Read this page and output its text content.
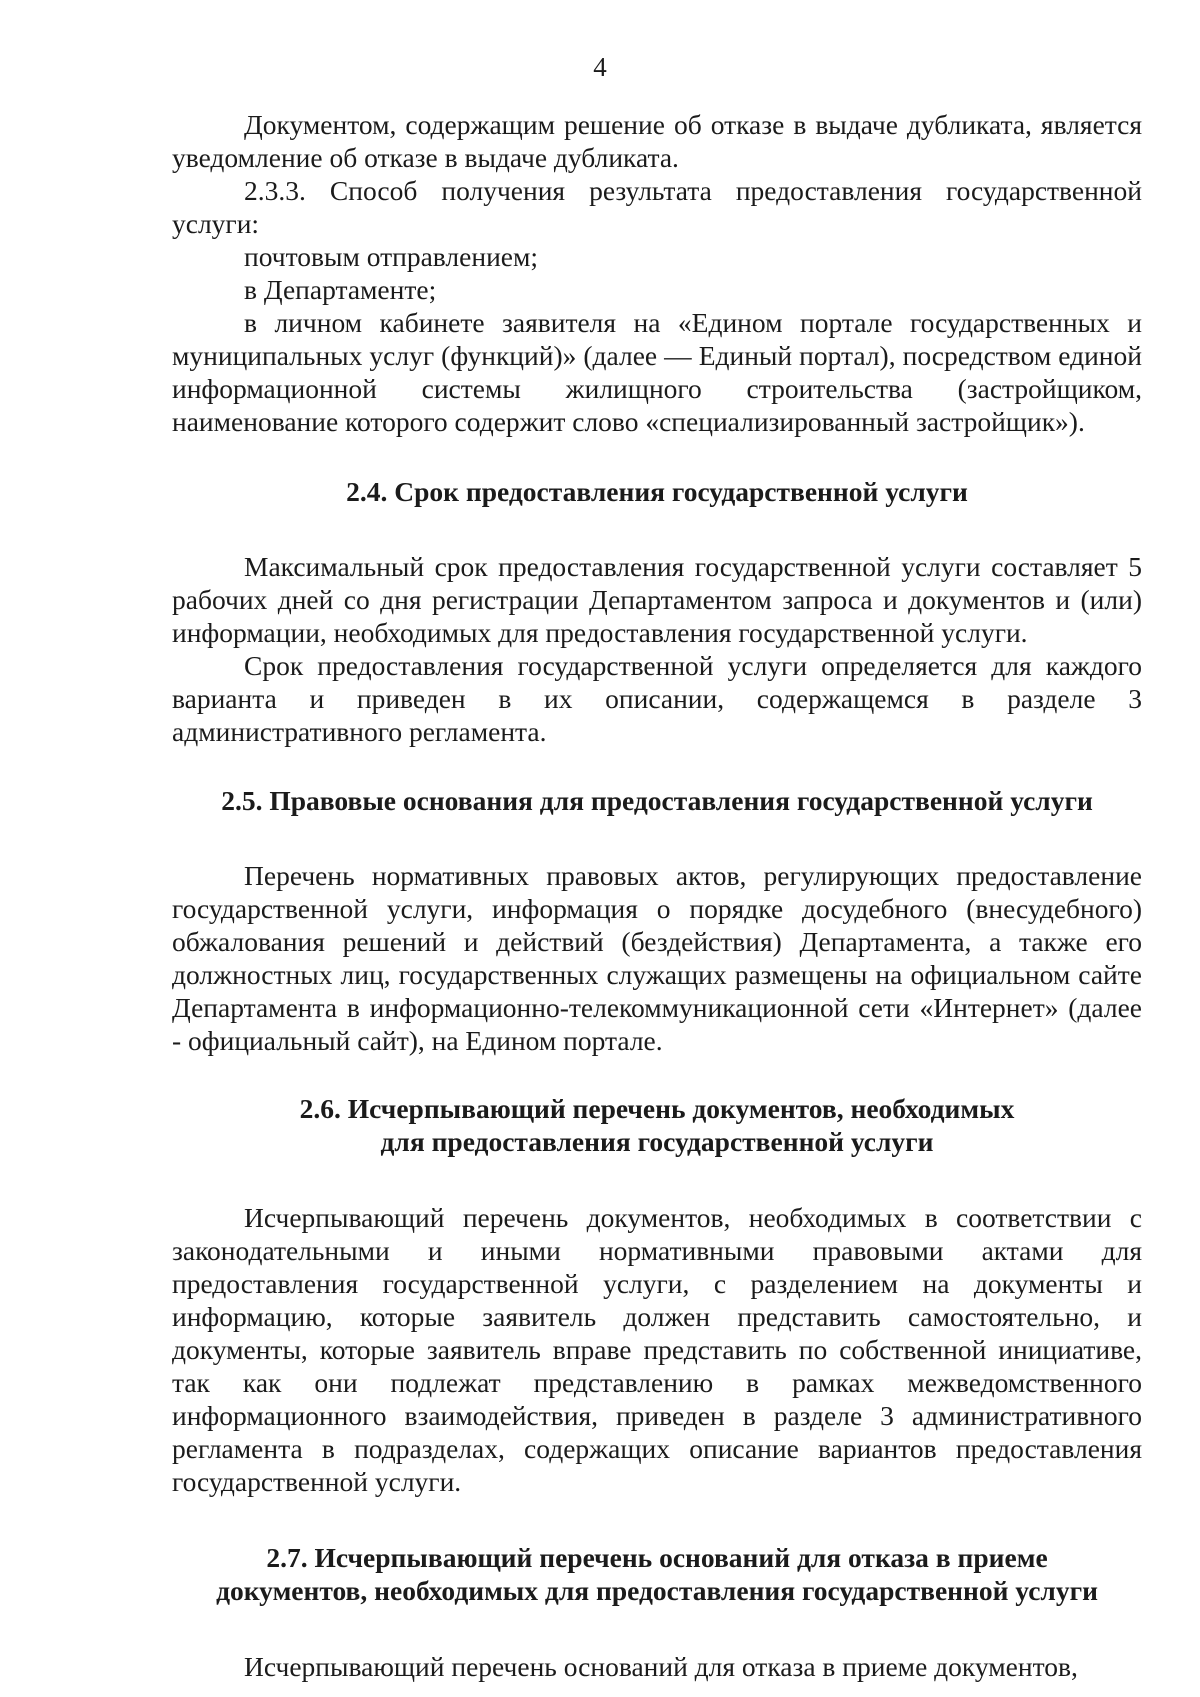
4

Документом, содержащим решение об отказе в выдаче дубликата, является уведомление об отказе в выдаче дубликата.

2.3.3. Способ получения результата предоставления государственной услуги:

почтовым отправлением;

в Департаменте;

в личном кабинете заявителя на «Едином портале государственных и муниципальных услуг (функций)» (далее — Единый портал), посредством единой информационной системы жилищного строительства (застройщиком, наименование которого содержит слово «специализированный застройщик»).

2.4. Срок предоставления государственной услуги

Максимальный срок предоставления государственной услуги составляет 5 рабочих дней со дня регистрации Департаментом запроса и документов и (или) информации, необходимых для предоставления государственной услуги.

Срок предоставления государственной услуги определяется для каждого варианта и приведен в их описании, содержащемся в разделе 3 административного регламента.

2.5. Правовые основания для предоставления государственной услуги

Перечень нормативных правовых актов, регулирующих предоставление государственной услуги, информация о порядке досудебного (внесудебного) обжалования решений и действий (бездействия) Департамента, а также его должностных лиц, государственных служащих размещены на официальном сайте Департамента в информационно-телекоммуникационной сети «Интернет» (далее - официальный сайт), на Едином портале.

2.6. Исчерпывающий перечень документов, необходимых
для предоставления государственной услуги

Исчерпывающий перечень документов, необходимых в соответствии с законодательными и иными нормативными правовыми актами для предоставления государственной услуги, с разделением на документы и информацию, которые заявитель должен представить самостоятельно, и документы, которые заявитель вправе представить по собственной инициативе, так как они подлежат представлению в рамках межведомственного информационного взаимодействия, приведен в разделе 3 административного регламента в подразделах, содержащих описание вариантов предоставления государственной услуги.

2.7. Исчерпывающий перечень оснований для отказа в приеме
документов, необходимых для предоставления государственной услуги

Исчерпывающий перечень оснований для отказа в приеме документов,
